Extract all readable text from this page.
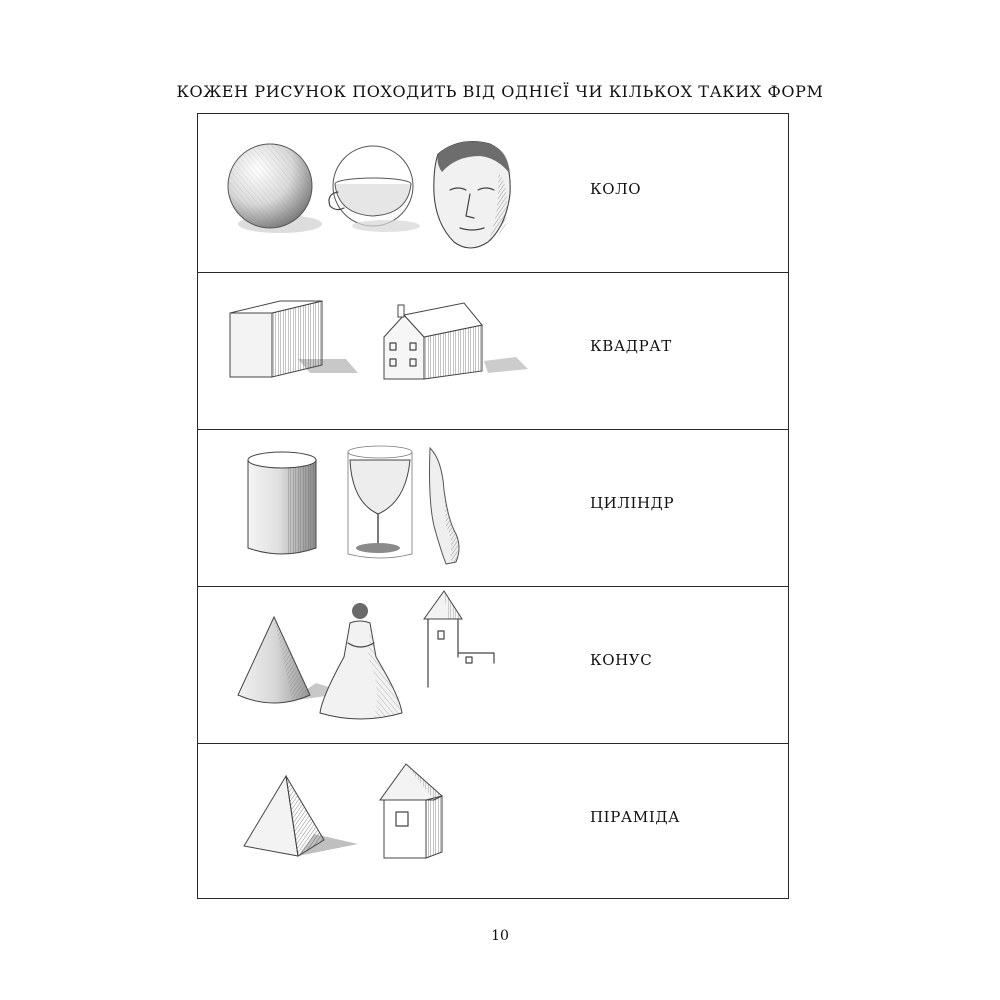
КОЖЕН РИСУНОК ПОХОДИТЬ ВІД ОДНІЄЇ ЧИ КІЛЬКОХ ТАКИХ ФОРМ
КОЛО
КВАДРАТ
ЦИЛІНДР
КОНУС
ПІРАМІДА
10
